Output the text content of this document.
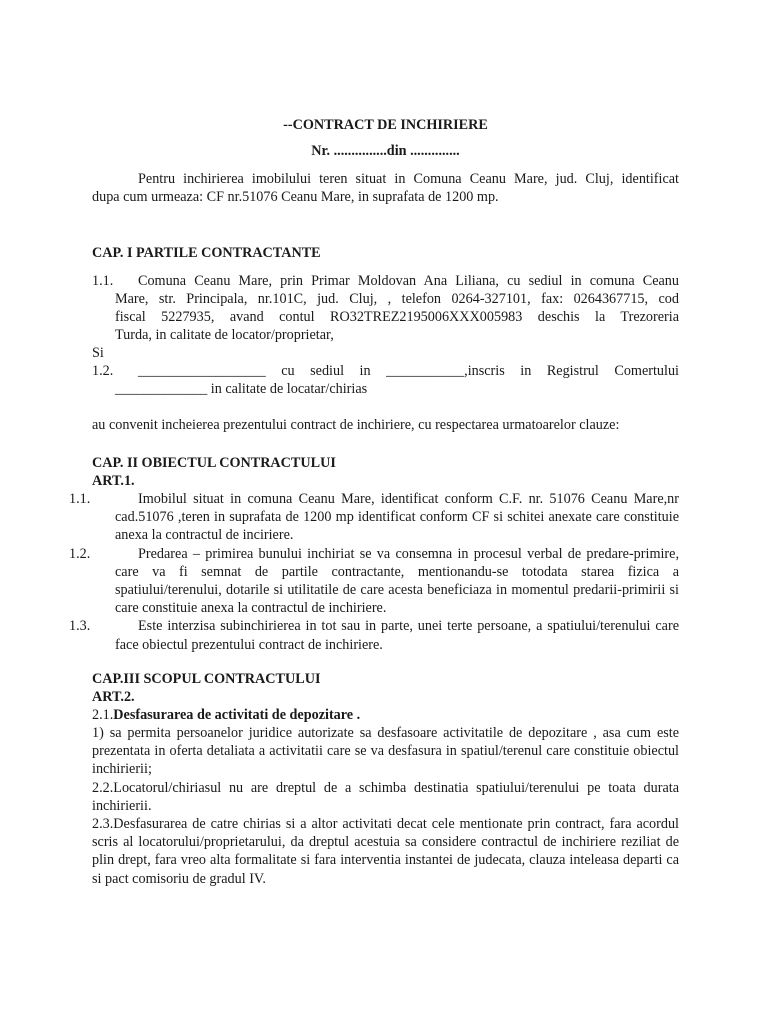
--CONTRACT DE INCHIRIERE
Nr. ...............din ..............
Pentru inchirierea imobilului teren situat in Comuna Ceanu Mare, jud. Cluj, identificat
dupa cum urmeaza: CF nr.51076 Ceanu Mare, in suprafata de 1200 mp.
CAP. I PARTILE CONTRACTANTE
1.1. Comuna Ceanu Mare, prin Primar Moldovan Ana Liliana, cu sediul in comuna Ceanu
Mare, str. Principala, nr.101C, jud. Cluj, , telefon 0264-327101, fax: 0264367715, cod
fiscal 5227935, avand contul RO32TREZ2195006XXX005983 deschis la Trezoreria
Turda, in calitate de locator/proprietar,
Si
1.2. __________________ cu sediul in ___________,inscris in Registrul Comertului
_____________ in calitate de locatar/chirias
au convenit incheierea prezentului contract de inchiriere, cu respectarea urmatoarelor clauze:
CAP. II OBIECTUL CONTRACTULUI
ART.1.
1.1.	Imobilul situat in comuna Ceanu Mare, identificat conform C.F. nr. 51076 Ceanu Mare,nr cad.51076 ,teren in suprafata de 1200 mp identificat conform CF si schitei anexate care constituie anexa la contractul de inciriere.
1.2.	Predarea – primirea bunului inchiriat se va consemna in procesul verbal de predare-primire, care va fi semnat de partile contractante, mentionandu-se totodata starea fizica a spatiului/terenului, dotarile si utilitatile de care acesta beneficiaza in momentul predarii-primirii si care constituie anexa la contractul de inchiriere.
1.3.	Este interzisa subinchirierea in tot sau in parte, unei terte persoane, a spatiului/terenului care face obiectul prezentului contract de inchiriere.
CAP.III SCOPUL CONTRACTULUI
ART.2.
2.1.Desfasurarea de activitati de depozitare .
1) sa permita persoanelor juridice autorizate sa desfasoare activitatile de depozitare , asa cum este prezentata in oferta detaliata a activitatii care se va desfasura in spatiul/terenul care constituie obiectul inchirierii;
2.2.Locatorul/chiriasul nu are dreptul de a schimba destinatia spatiului/terenului pe toata durata inchirierii.
2.3.Desfasurarea de catre chirias si a altor activitati decat cele mentionate prin contract, fara acordul scris al locatorului/proprietarului, da dreptul acestuia sa considere contractul de inchiriere reziliat de plin drept, fara vreo alta formalitate si fara interventia instantei de judecata, clauza inteleasa departi ca si pact comisoriu de gradul IV.
